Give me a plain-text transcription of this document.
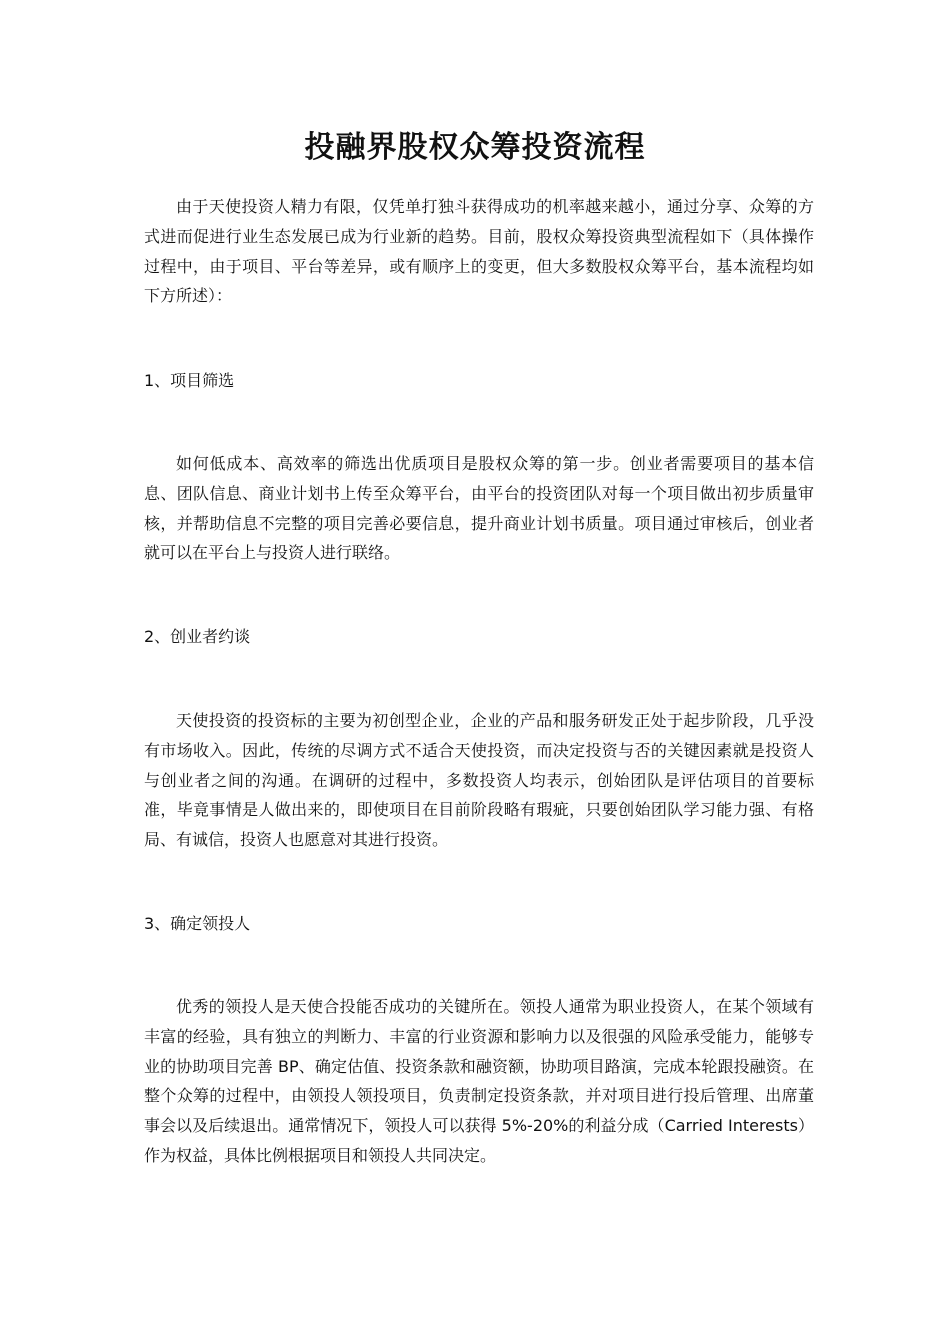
投融界股权众筹投资流程

由于天使投资人精力有限，仅凭单打独斗获得成功的机率越来越小，通过分享、众筹的方式进而促进行业生态发展已成为行业新的趋势。目前，股权众筹投资典型流程如下（具体操作过程中，由于项目、平台等差异，或有顺序上的变更，但大多数股权众筹平台，基本流程均如下方所述）：

1、项目筛选

如何低成本、高效率的筛选出优质项目是股权众筹的第一步。创业者需要项目的基本信息、团队信息、商业计划书上传至众筹平台，由平台的投资团队对每一个项目做出初步质量审核，并帮助信息不完整的项目完善必要信息，提升商业计划书质量。项目通过审核后，创业者就可以在平台上与投资人进行联络。

2、创业者约谈

天使投资的投资标的主要为初创型企业，企业的产品和服务研发正处于起步阶段，几乎没有市场收入。因此，传统的尽调方式不适合天使投资，而决定投资与否的关键因素就是投资人与创业者之间的沟通。在调研的过程中，多数投资人均表示，创始团队是评估项目的首要标准，毕竟事情是人做出来的，即使项目在目前阶段略有瑕疵，只要创始团队学习能力强、有格局、有诚信，投资人也愿意对其进行投资。

3、确定领投人

优秀的领投人是天使合投能否成功的关键所在。领投人通常为职业投资人，在某个领域有丰富的经验，具有独立的判断力、丰富的行业资源和影响力以及很强的风险承受能力，能够专业的协助项目完善 BP、确定估值、投资条款和融资额，协助项目路演，完成本轮跟投融资。在整个众筹的过程中，由领投人领投项目，负责制定投资条款，并对项目进行投后管理、出席董事会以及后续退出。通常情况下，领投人可以获得 5%-20%的利益分成（Carried Interests）作为权益，具体比例根据项目和领投人共同决定。
